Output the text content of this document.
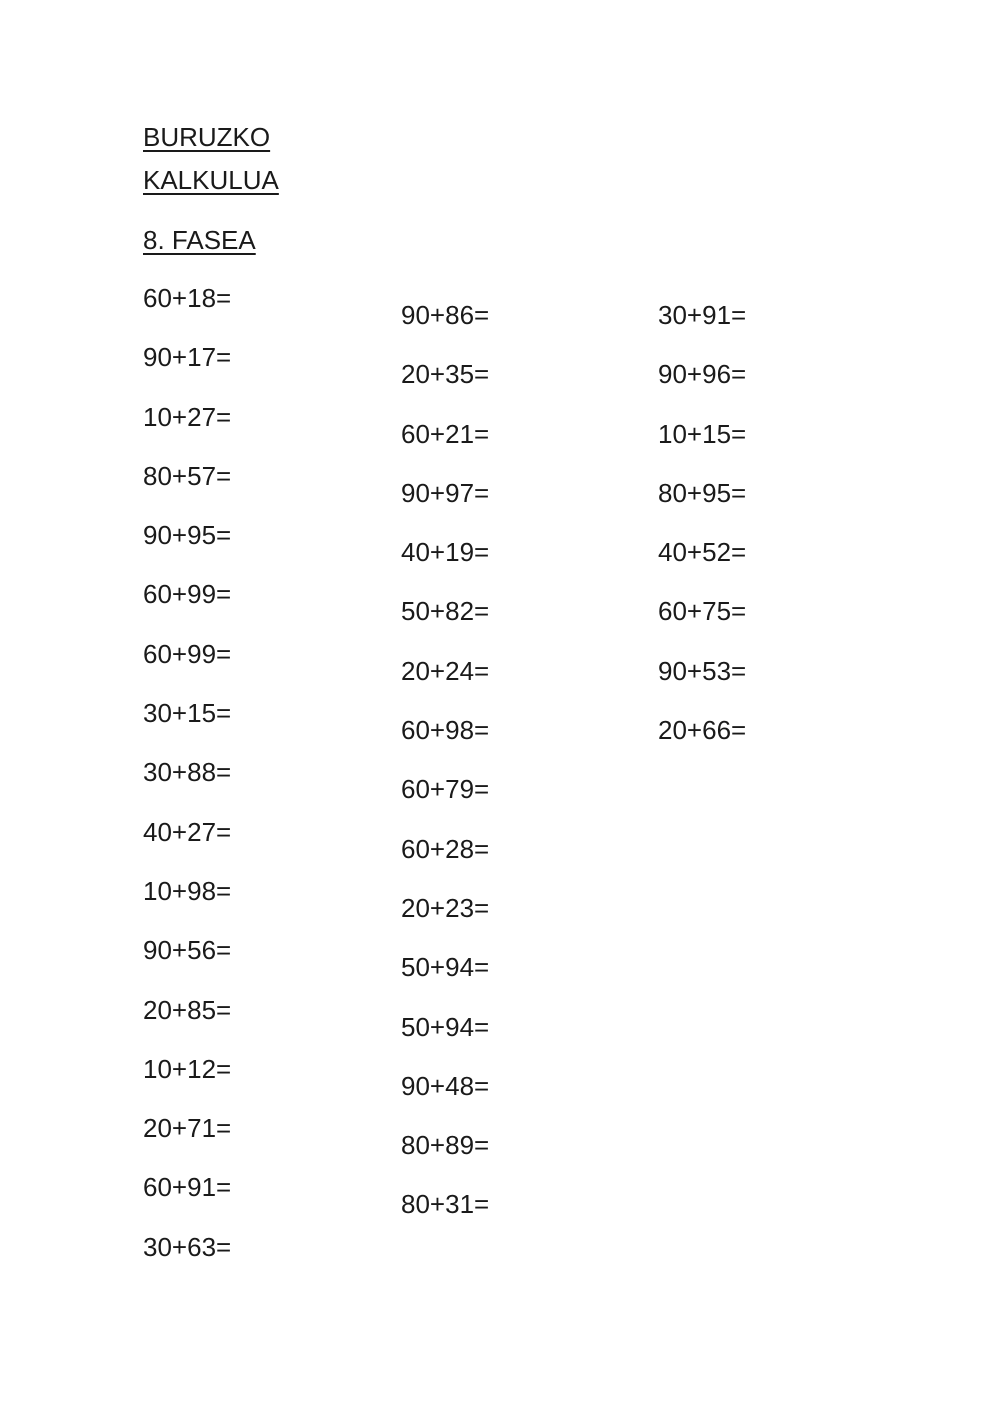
BURUZKO
KALKULUA
8. FASEA
60+18=
90+17=
10+27=
80+57=
90+95=
60+99=
60+99=
30+15=
30+88=
40+27=
10+98=
90+56=
20+85=
10+12=
20+71=
60+91=
30+63=
90+86=
20+35=
60+21=
90+97=
40+19=
50+82=
20+24=
60+98=
60+79=
60+28=
20+23=
50+94=
50+94=
90+48=
80+89=
80+31=
30+91=
90+96=
10+15=
80+95=
40+52=
60+75=
90+53=
20+66=
